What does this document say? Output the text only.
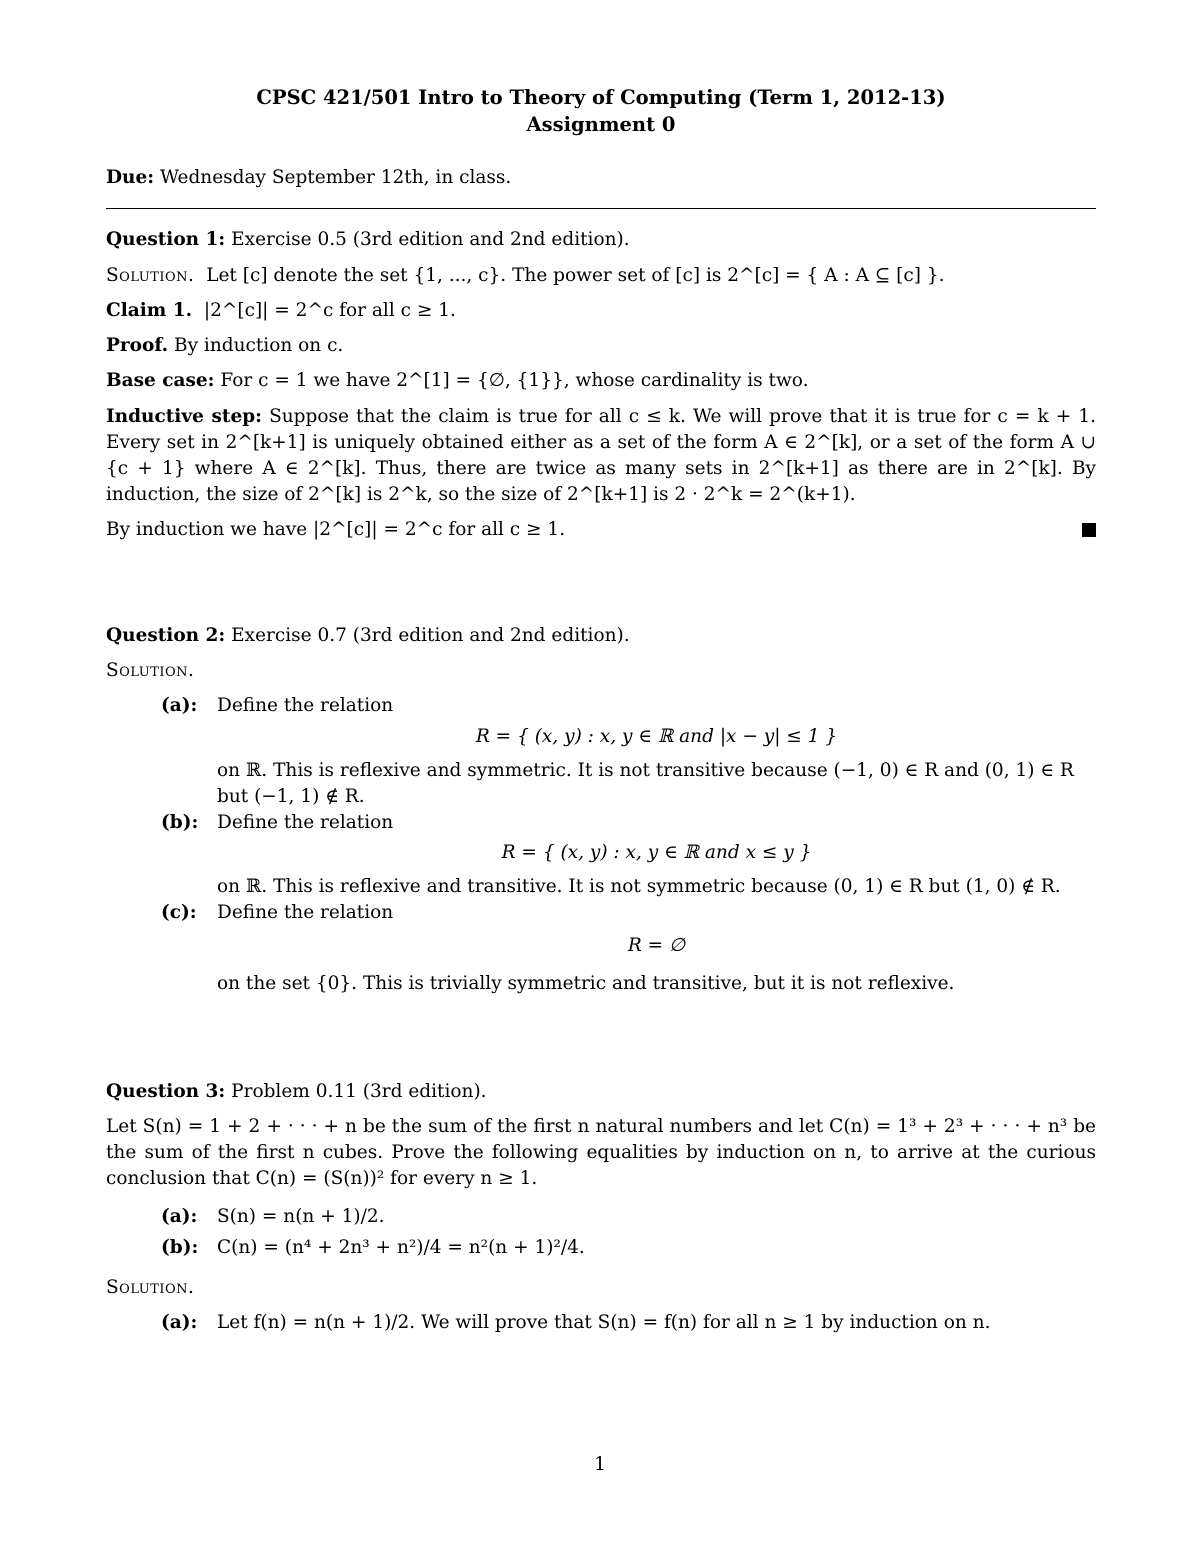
CPSC 421/501 Intro to Theory of Computing (Term 1, 2012-13)
Assignment 0

Due: Wednesday September 12th, in class.

Question 1: Exercise 0.5 (3rd edition and 2nd edition).

Solution. Let [c] denote the set {1, ..., c}. The power set of [c] is 2^[c] = { A : A ⊆ [c] }.

Claim 1. |2^[c]| = 2^c for all c ≥ 1.

Proof. By induction on c.

Base case: For c = 1 we have 2^[1] = {∅, {1}}, whose cardinality is two.

Inductive step: Suppose that the claim is true for all c ≤ k. We will prove that it is true for c = k + 1. Every set in 2^[k+1] is uniquely obtained either as a set of the form A ∈ 2^[k], or a set of the form A ∪ {c + 1} where A ∈ 2^[k]. Thus, there are twice as many sets in 2^[k+1] as there are in 2^[k]. By induction, the size of 2^[k] is 2^k, so the size of 2^[k+1] is 2 · 2^k = 2^(k+1).

By induction we have |2^[c]| = 2^c for all c ≥ 1.

Question 2: Exercise 0.7 (3rd edition and 2nd edition).

Solution.

(a): Define the relation

R = { (x, y) : x, y ∈ ℝ and |x − y| ≤ 1 }

on ℝ. This is reflexive and symmetric. It is not transitive because (−1, 0) ∈ R and (0, 1) ∈ R but (−1, 1) ∉ R.

(b): Define the relation

R = { (x, y) : x, y ∈ ℝ and x ≤ y }

on ℝ. This is reflexive and transitive. It is not symmetric because (0, 1) ∈ R but (1, 0) ∉ R.

(c): Define the relation

R = ∅

on the set {0}. This is trivially symmetric and transitive, but it is not reflexive.

Question 3: Problem 0.11 (3rd edition).

Let S(n) = 1 + 2 + · · · + n be the sum of the first n natural numbers and let C(n) = 1³ + 2³ + · · · + n³ be the sum of the first n cubes. Prove the following equalities by induction on n, to arrive at the curious conclusion that C(n) = (S(n))² for every n ≥ 1.

(a): S(n) = n(n + 1)/2.

(b): C(n) = (n⁴ + 2n³ + n²)/4 = n²(n + 1)²/4.

Solution.

(a): Let f(n) = n(n + 1)/2. We will prove that S(n) = f(n) for all n ≥ 1 by induction on n.

1
